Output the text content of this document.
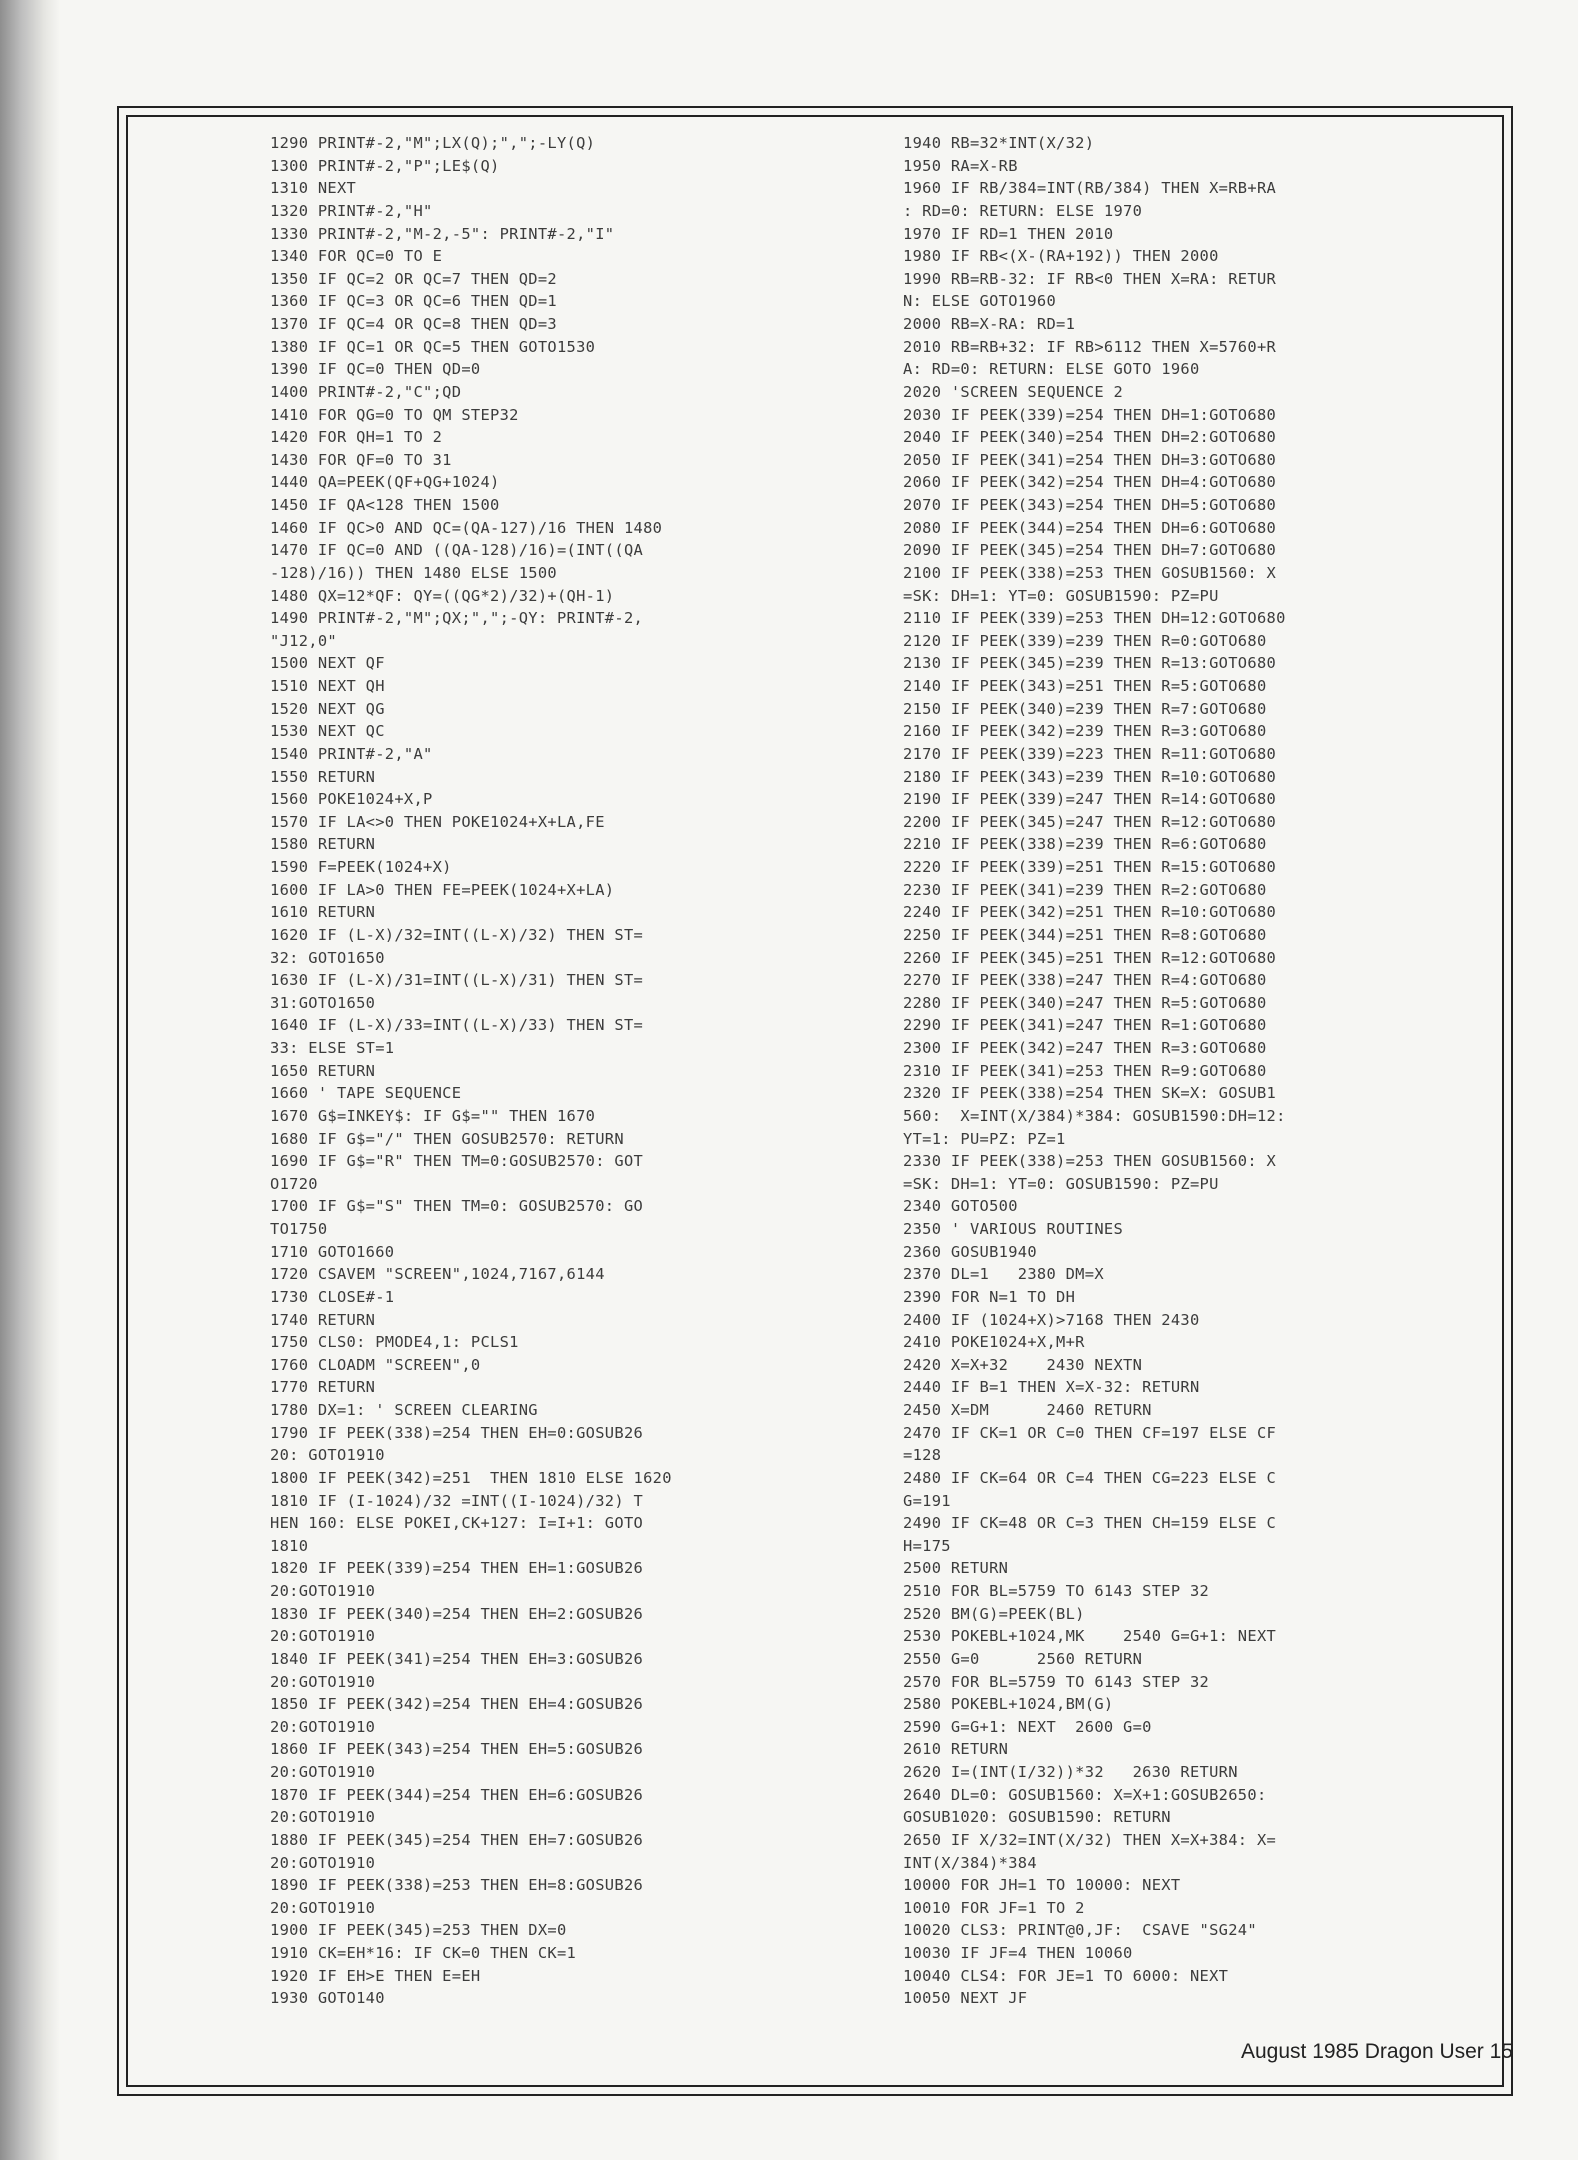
1290 PRINT#-2,"M";LX(Q);",";-LY(Q)
1300 PRINT#-2,"P";LE$(Q)
1310 NEXT
1320 PRINT#-2,"H"
1330 PRINT#-2,"M-2,-5": PRINT#-2,"I"
1340 FOR QC=0 TO E
1350 IF QC=2 OR QC=7 THEN QD=2
1360 IF QC=3 OR QC=6 THEN QD=1
1370 IF QC=4 OR QC=8 THEN QD=3
1380 IF QC=1 OR QC=5 THEN GOTO1530
1390 IF QC=0 THEN QD=0
1400 PRINT#-2,"C";QD
1410 FOR QG=0 TO QM STEP32
1420 FOR QH=1 TO 2
1430 FOR QF=0 TO 31
1440 QA=PEEK(QF+QG+1024)
1450 IF QA<128 THEN 1500
1460 IF QC>0 AND QC=(QA-127)/16 THEN 1480
1470 IF QC=0 AND ((QA-128)/16)=(INT((QA
-128)/16)) THEN 1480 ELSE 1500
1480 QX=12*QF: QY=((QG*2)/32)+(QH-1)
1490 PRINT#-2,"M";QX;",";-QY: PRINT#-2,
"J12,0"
1500 NEXT QF
1510 NEXT QH
1520 NEXT QG
1530 NEXT QC
1540 PRINT#-2,"A"
1550 RETURN
1560 POKE1024+X,P
1570 IF LA<>0 THEN POKE1024+X+LA,FE
1580 RETURN
1590 F=PEEK(1024+X)
1600 IF LA>0 THEN FE=PEEK(1024+X+LA)
1610 RETURN
1620 IF (L-X)/32=INT((L-X)/32) THEN ST=
32: GOTO1650
1630 IF (L-X)/31=INT((L-X)/31) THEN ST=
31:GOTO1650
1640 IF (L-X)/33=INT((L-X)/33) THEN ST=
33: ELSE ST=1
1650 RETURN
1660 ' TAPE SEQUENCE
1670 G$=INKEY$: IF G$="" THEN 1670
1680 IF G$="/" THEN GOSUB2570: RETURN
1690 IF G$="R" THEN TM=0:GOSUB2570: GOT
O1720
1700 IF G$="S" THEN TM=0: GOSUB2570: GO
TO1750
1710 GOTO1660
1720 CSAVEM "SCREEN",1024,7167,6144
1730 CLOSE#-1
1740 RETURN
1750 CLS0: PMODE4,1: PCLS1
1760 CLOADM "SCREEN",0
1770 RETURN
1780 DX=1: ' SCREEN CLEARING
1790 IF PEEK(338)=254 THEN EH=0:GOSUB26
20: GOTO1910
1800 IF PEEK(342)=251  THEN 1810 ELSE 1620
1810 IF (I-1024)/32 =INT((I-1024)/32) T
HEN 160: ELSE POKEI,CK+127: I=I+1: GOTO
1810
1820 IF PEEK(339)=254 THEN EH=1:GOSUB26
20:GOTO1910
1830 IF PEEK(340)=254 THEN EH=2:GOSUB26
20:GOTO1910
1840 IF PEEK(341)=254 THEN EH=3:GOSUB26
20:GOTO1910
1850 IF PEEK(342)=254 THEN EH=4:GOSUB26
20:GOTO1910
1860 IF PEEK(343)=254 THEN EH=5:GOSUB26
20:GOTO1910
1870 IF PEEK(344)=254 THEN EH=6:GOSUB26
20:GOTO1910
1880 IF PEEK(345)=254 THEN EH=7:GOSUB26
20:GOTO1910
1890 IF PEEK(338)=253 THEN EH=8:GOSUB26
20:GOTO1910
1900 IF PEEK(345)=253 THEN DX=0
1910 CK=EH*16: IF CK=0 THEN CK=1
1920 IF EH>E THEN E=EH
1930 GOTO140
1940 RB=32*INT(X/32)
1950 RA=X-RB
1960 IF RB/384=INT(RB/384) THEN X=RB+RA
: RD=0: RETURN: ELSE 1970
1970 IF RD=1 THEN 2010
1980 IF RB<(X-(RA+192)) THEN 2000
1990 RB=RB-32: IF RB<0 THEN X=RA: RETUR
N: ELSE GOTO1960
2000 RB=X-RA: RD=1
2010 RB=RB+32: IF RB>6112 THEN X=5760+R
A: RD=0: RETURN: ELSE GOTO 1960
2020 'SCREEN SEQUENCE 2
2030 IF PEEK(339)=254 THEN DH=1:GOTO680
2040 IF PEEK(340)=254 THEN DH=2:GOTO680
2050 IF PEEK(341)=254 THEN DH=3:GOTO680
2060 IF PEEK(342)=254 THEN DH=4:GOTO680
2070 IF PEEK(343)=254 THEN DH=5:GOTO680
2080 IF PEEK(344)=254 THEN DH=6:GOTO680
2090 IF PEEK(345)=254 THEN DH=7:GOTO680
2100 IF PEEK(338)=253 THEN GOSUB1560: X
=SK: DH=1: YT=0: GOSUB1590: PZ=PU
2110 IF PEEK(339)=253 THEN DH=12:GOTO680
2120 IF PEEK(339)=239 THEN R=0:GOTO680
2130 IF PEEK(345)=239 THEN R=13:GOTO680
2140 IF PEEK(343)=251 THEN R=5:GOTO680
2150 IF PEEK(340)=239 THEN R=7:GOTO680
2160 IF PEEK(342)=239 THEN R=3:GOTO680
2170 IF PEEK(339)=223 THEN R=11:GOTO680
2180 IF PEEK(343)=239 THEN R=10:GOTO680
2190 IF PEEK(339)=247 THEN R=14:GOTO680
2200 IF PEEK(345)=247 THEN R=12:GOTO680
2210 IF PEEK(338)=239 THEN R=6:GOTO680
2220 IF PEEK(339)=251 THEN R=15:GOTO680
2230 IF PEEK(341)=239 THEN R=2:GOTO680
2240 IF PEEK(342)=251 THEN R=10:GOTO680
2250 IF PEEK(344)=251 THEN R=8:GOTO680
2260 IF PEEK(345)=251 THEN R=12:GOTO680
2270 IF PEEK(338)=247 THEN R=4:GOTO680
2280 IF PEEK(340)=247 THEN R=5:GOTO680
2290 IF PEEK(341)=247 THEN R=1:GOTO680
2300 IF PEEK(342)=247 THEN R=3:GOTO680
2310 IF PEEK(341)=253 THEN R=9:GOTO680
2320 IF PEEK(338)=254 THEN SK=X: GOSUB1
560:  X=INT(X/384)*384: GOSUB1590:DH=12:
YT=1: PU=PZ: PZ=1
2330 IF PEEK(338)=253 THEN GOSUB1560: X
=SK: DH=1: YT=0: GOSUB1590: PZ=PU
2340 GOTO500
2350 ' VARIOUS ROUTINES
2360 GOSUB1940
2370 DL=1   2380 DM=X
2390 FOR N=1 TO DH
2400 IF (1024+X)>7168 THEN 2430
2410 POKE1024+X,M+R
2420 X=X+32    2430 NEXTN
2440 IF B=1 THEN X=X-32: RETURN
2450 X=DM      2460 RETURN
2470 IF CK=1 OR C=0 THEN CF=197 ELSE CF
=128
2480 IF CK=64 OR C=4 THEN CG=223 ELSE C
G=191
2490 IF CK=48 OR C=3 THEN CH=159 ELSE C
H=175
2500 RETURN
2510 FOR BL=5759 TO 6143 STEP 32
2520 BM(G)=PEEK(BL)
2530 POKEBL+1024,MK    2540 G=G+1: NEXT
2550 G=0      2560 RETURN
2570 FOR BL=5759 TO 6143 STEP 32
2580 POKEBL+1024,BM(G)
2590 G=G+1: NEXT  2600 G=0
2610 RETURN
2620 I=(INT(I/32))*32   2630 RETURN
2640 DL=0: GOSUB1560: X=X+1:GOSUB2650:
GOSUB1020: GOSUB1590: RETURN
2650 IF X/32=INT(X/32) THEN X=X+384: X=
INT(X/384)*384
10000 FOR JH=1 TO 10000: NEXT
10010 FOR JF=1 TO 2
10020 CLS3: PRINT@0,JF:  CSAVE "SG24"
10030 IF JF=4 THEN 10060
10040 CLS4: FOR JE=1 TO 6000: NEXT
10050 NEXT JF
August 1985 Dragon User 15
